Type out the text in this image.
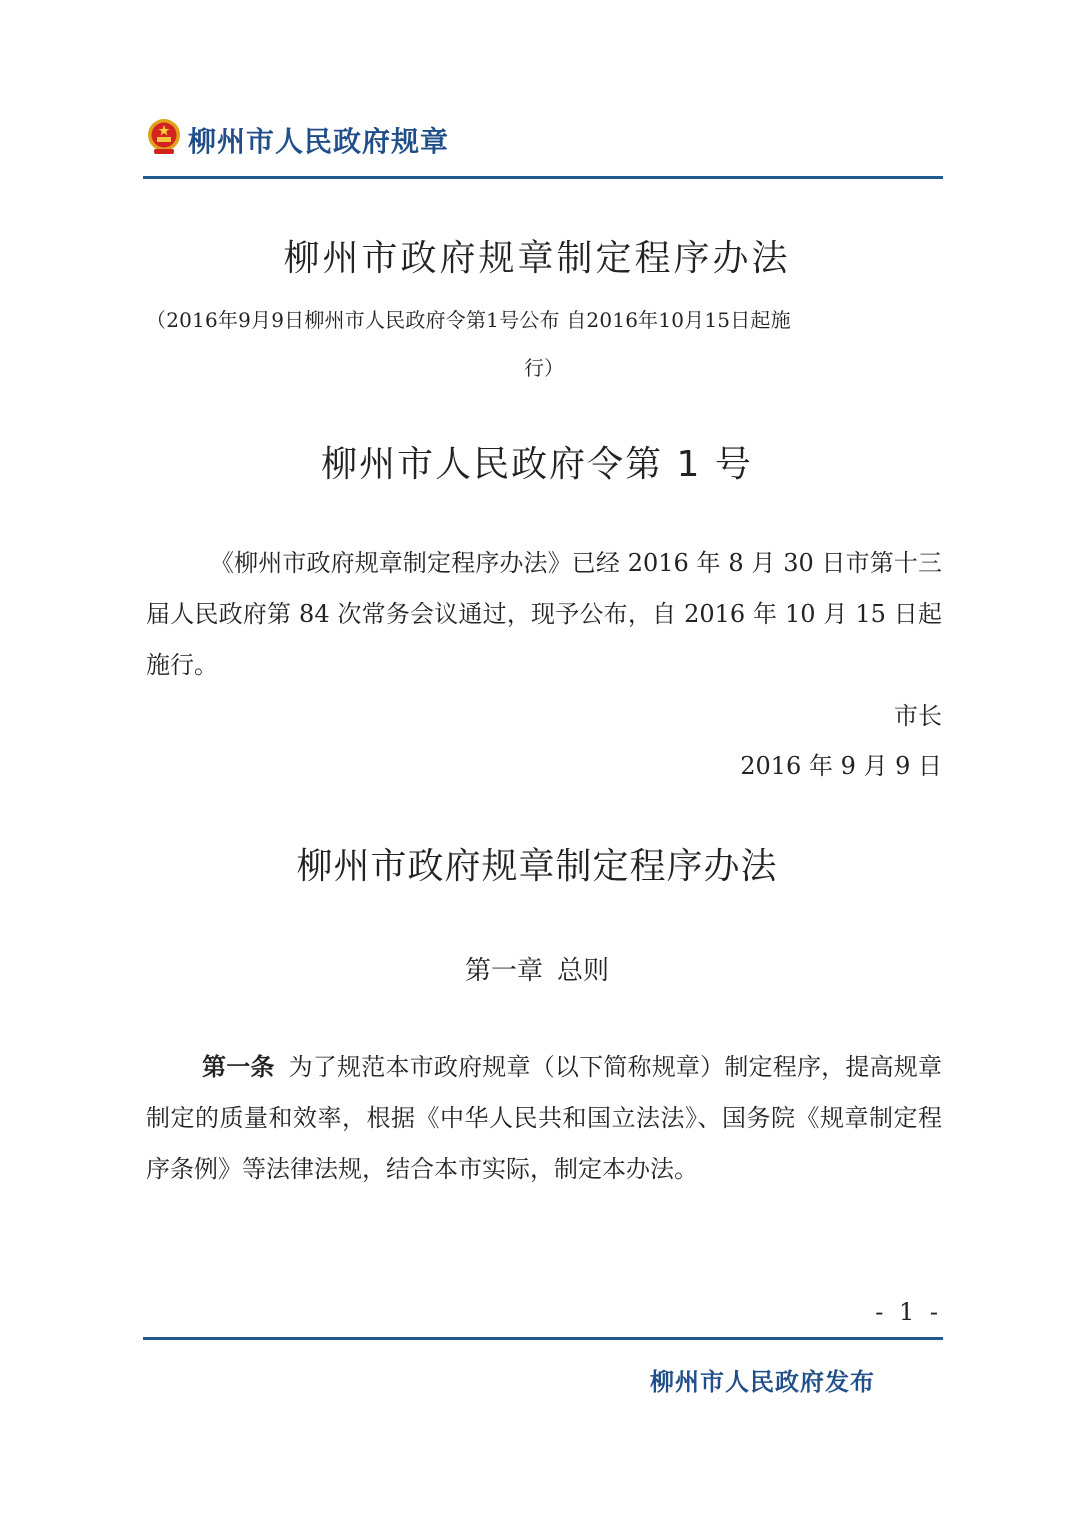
柳州市人民政府规章
柳州市政府规章制定程序办法
（2016年9月9日柳州市人民政府令第1号公布 自2016年10月15日起施
行）
柳州市人民政府令第 1 号
《柳州市政府规章制定程序办法》已经 2016 年 8 月 30 日市第十三届人民政府第 84 次常务会议通过，现予公布，自 2016 年 10 月 15 日起施行。
市长
2016 年 9 月 9 日
柳州市政府规章制定程序办法
第一章 总则
第一条 为了规范本市政府规章（以下简称规章）制定程序，提高规章制定的质量和效率，根据《中华人民共和国立法法》、国务院《规章制定程序条例》等法律法规，结合本市实际，制定本办法。
- 1 -
柳州市人民政府发布
